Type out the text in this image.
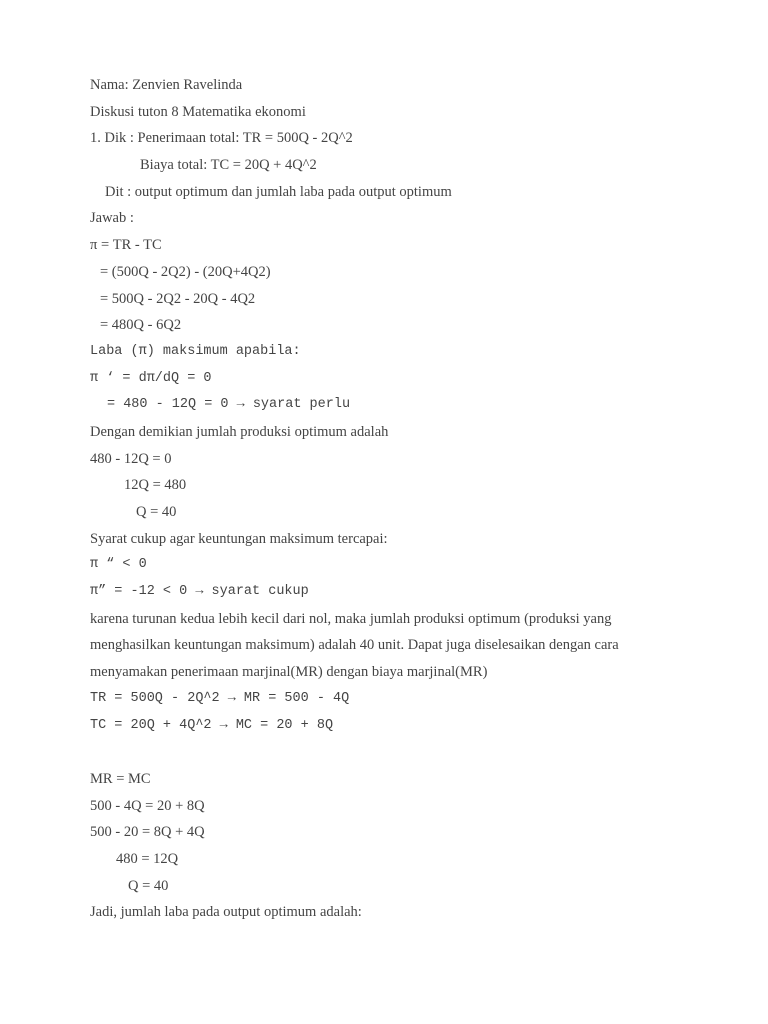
Nama: Zenvien Ravelinda
Diskusi tuton 8 Matematika ekonomi
1. Dik : Penerimaan total: TR = 500Q - 2Q^2
Biaya total: TC = 20Q + 4Q^2
Dit : output optimum dan jumlah laba pada output optimum
Jawab :
π = TR - TC
= (500Q - 2Q2) - (20Q+4Q2)
= 500Q - 2Q2 - 20Q - 4Q2
= 480Q - 6Q2
Laba (π) maksimum apabila:
π ‘ = dπ/dQ = 0
= 480 - 12Q = 0 → syarat perlu
Dengan demikian jumlah produksi optimum adalah
480 - 12Q = 0
12Q = 480
Q = 40
Syarat cukup agar keuntungan maksimum tercapai:
π “ < 0
π” = -12 < 0 → syarat cukup
karena turunan kedua lebih kecil dari nol, maka jumlah produksi optimum (produksi yang
menghasilkan keuntungan maksimum) adalah 40 unit. Dapat juga diselesaikan dengan cara
menyamakan penerimaan marjinal(MR) dengan biaya marjinal(MR)
TR = 500Q - 2Q^2 → MR = 500 - 4Q
TC = 20Q + 4Q^2 → MC = 20 + 8Q
MR = MC
500 - 4Q = 20 + 8Q
500 - 20 = 8Q + 4Q
480 = 12Q
Q = 40
Jadi, jumlah laba pada output optimum adalah:
